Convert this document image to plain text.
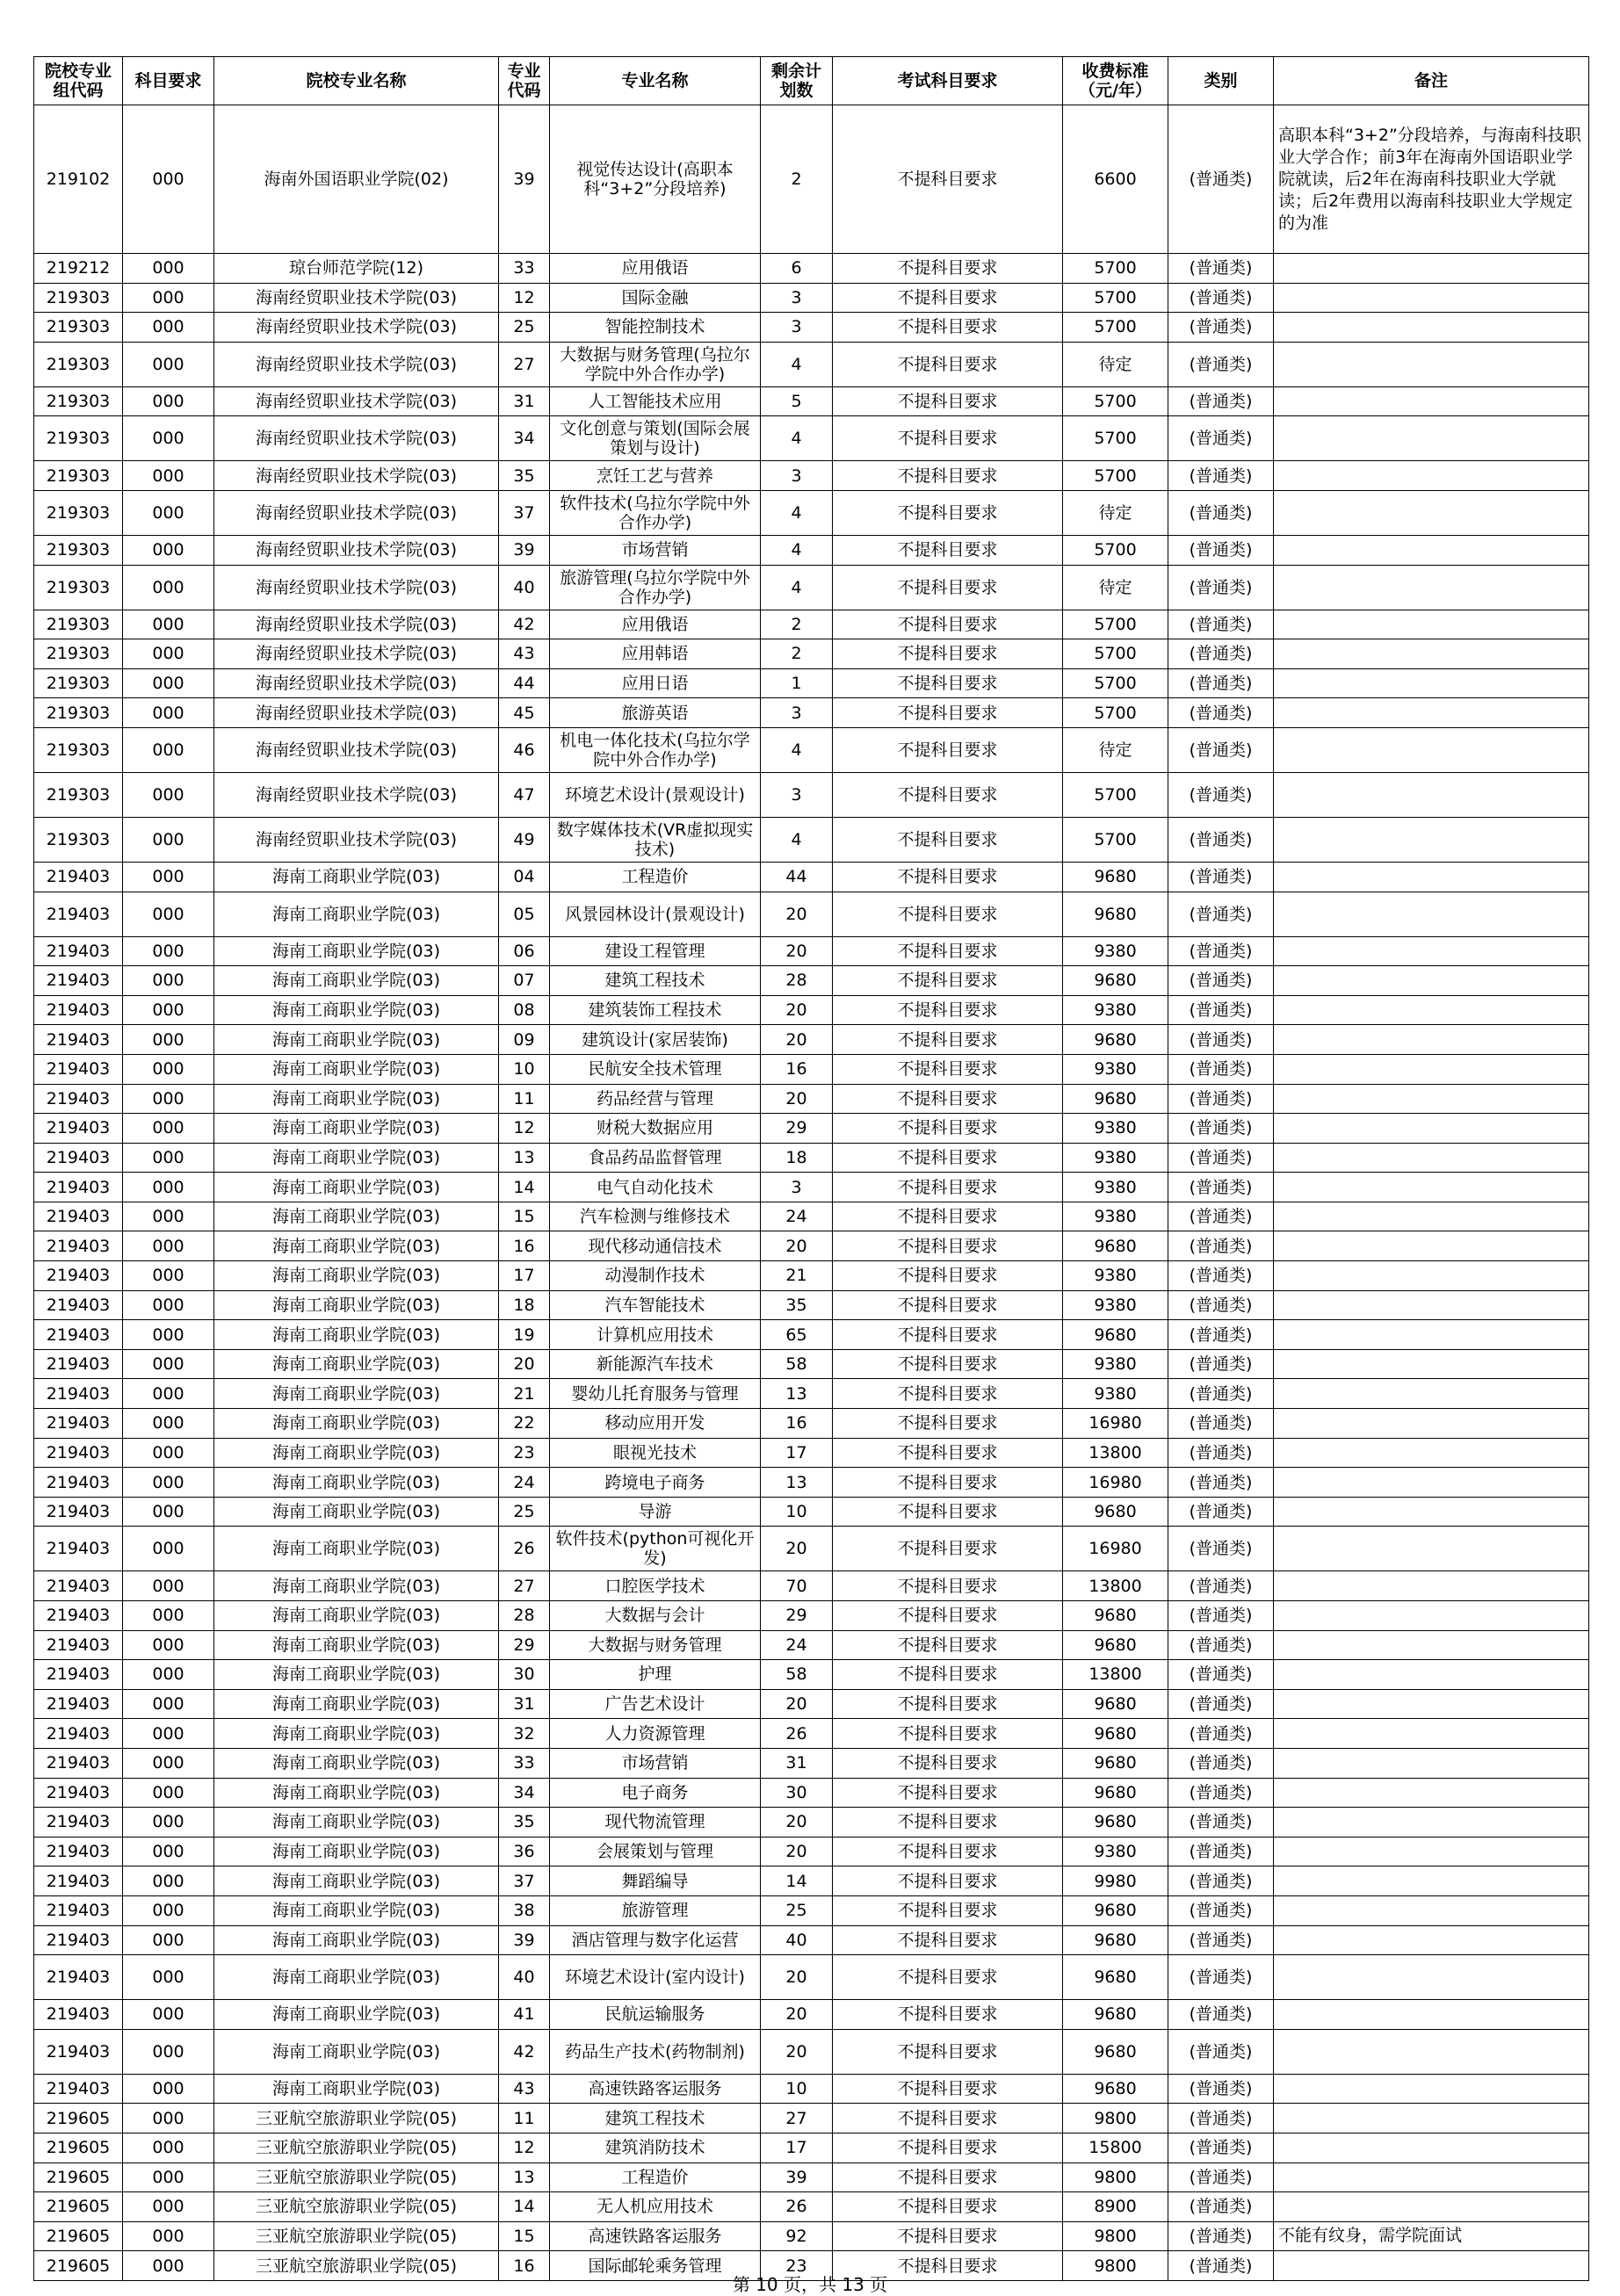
院校专业组代码	科目要求	院校专业名称	专业代码	专业名称	剩余计划数	考试科目要求	收费标准（元/年）	类别	备注
219102	000	海南外国语职业学院(02)	39	视觉传达设计(高职本科“3+2”分段培养)	2	不提科目要求	6600	(普通类)	高职本科“3+2”分段培养，与海南科技职业大学合作；前3年在海南外国语职业学院就读，后2年在海南科技职业大学就读；后2年费用以海南科技职业大学规定的为准
219212	000	琼台师范学院(12)	33	应用俄语	6	不提科目要求	5700	(普通类)	
219303	000	海南经贸职业技术学院(03)	12	国际金融	3	不提科目要求	5700	(普通类)	
219303	000	海南经贸职业技术学院(03)	25	智能控制技术	3	不提科目要求	5700	(普通类)	
219303	000	海南经贸职业技术学院(03)	27	大数据与财务管理(乌拉尔学院中外合作办学)	4	不提科目要求	待定	(普通类)	
219303	000	海南经贸职业技术学院(03)	31	人工智能技术应用	5	不提科目要求	5700	(普通类)	
219303	000	海南经贸职业技术学院(03)	34	文化创意与策划(国际会展策划与设计)	4	不提科目要求	5700	(普通类)	
219303	000	海南经贸职业技术学院(03)	35	烹饪工艺与营养	3	不提科目要求	5700	(普通类)	
219303	000	海南经贸职业技术学院(03)	37	软件技术(乌拉尔学院中外合作办学)	4	不提科目要求	待定	(普通类)	
219303	000	海南经贸职业技术学院(03)	39	市场营销	4	不提科目要求	5700	(普通类)	
219303	000	海南经贸职业技术学院(03)	40	旅游管理(乌拉尔学院中外合作办学)	4	不提科目要求	待定	(普通类)	
219303	000	海南经贸职业技术学院(03)	42	应用俄语	2	不提科目要求	5700	(普通类)	
219303	000	海南经贸职业技术学院(03)	43	应用韩语	2	不提科目要求	5700	(普通类)	
219303	000	海南经贸职业技术学院(03)	44	应用日语	1	不提科目要求	5700	(普通类)	
219303	000	海南经贸职业技术学院(03)	45	旅游英语	3	不提科目要求	5700	(普通类)	
219303	000	海南经贸职业技术学院(03)	46	机电一体化技术(乌拉尔学院中外合作办学)	4	不提科目要求	待定	(普通类)	
219303	000	海南经贸职业技术学院(03)	47	环境艺术设计(景观设计)	3	不提科目要求	5700	(普通类)	
219303	000	海南经贸职业技术学院(03)	49	数字媒体技术(VR虚拟现实技术)	4	不提科目要求	5700	(普通类)	
219403	000	海南工商职业学院(03)	04	工程造价	44	不提科目要求	9680	(普通类)	
219403	000	海南工商职业学院(03)	05	风景园林设计(景观设计)	20	不提科目要求	9680	(普通类)	
219403	000	海南工商职业学院(03)	06	建设工程管理	20	不提科目要求	9380	(普通类)	
219403	000	海南工商职业学院(03)	07	建筑工程技术	28	不提科目要求	9680	(普通类)	
219403	000	海南工商职业学院(03)	08	建筑装饰工程技术	20	不提科目要求	9380	(普通类)	
219403	000	海南工商职业学院(03)	09	建筑设计(家居装饰)	20	不提科目要求	9680	(普通类)	
219403	000	海南工商职业学院(03)	10	民航安全技术管理	16	不提科目要求	9380	(普通类)	
219403	000	海南工商职业学院(03)	11	药品经营与管理	20	不提科目要求	9680	(普通类)	
219403	000	海南工商职业学院(03)	12	财税大数据应用	29	不提科目要求	9380	(普通类)	
219403	000	海南工商职业学院(03)	13	食品药品监督管理	18	不提科目要求	9380	(普通类)	
219403	000	海南工商职业学院(03)	14	电气自动化技术	3	不提科目要求	9380	(普通类)	
219403	000	海南工商职业学院(03)	15	汽车检测与维修技术	24	不提科目要求	9380	(普通类)	
219403	000	海南工商职业学院(03)	16	现代移动通信技术	20	不提科目要求	9680	(普通类)	
219403	000	海南工商职业学院(03)	17	动漫制作技术	21	不提科目要求	9380	(普通类)	
219403	000	海南工商职业学院(03)	18	汽车智能技术	35	不提科目要求	9380	(普通类)	
219403	000	海南工商职业学院(03)	19	计算机应用技术	65	不提科目要求	9680	(普通类)	
219403	000	海南工商职业学院(03)	20	新能源汽车技术	58	不提科目要求	9380	(普通类)	
219403	000	海南工商职业学院(03)	21	婴幼儿托育服务与管理	13	不提科目要求	9380	(普通类)	
219403	000	海南工商职业学院(03)	22	移动应用开发	16	不提科目要求	16980	(普通类)	
219403	000	海南工商职业学院(03)	23	眼视光技术	17	不提科目要求	13800	(普通类)	
219403	000	海南工商职业学院(03)	24	跨境电子商务	13	不提科目要求	16980	(普通类)	
219403	000	海南工商职业学院(03)	25	导游	10	不提科目要求	9680	(普通类)	
219403	000	海南工商职业学院(03)	26	软件技术(python可视化开发)	20	不提科目要求	16980	(普通类)	
219403	000	海南工商职业学院(03)	27	口腔医学技术	70	不提科目要求	13800	(普通类)	
219403	000	海南工商职业学院(03)	28	大数据与会计	29	不提科目要求	9680	(普通类)	
219403	000	海南工商职业学院(03)	29	大数据与财务管理	24	不提科目要求	9680	(普通类)	
219403	000	海南工商职业学院(03)	30	护理	58	不提科目要求	13800	(普通类)	
219403	000	海南工商职业学院(03)	31	广告艺术设计	20	不提科目要求	9680	(普通类)	
219403	000	海南工商职业学院(03)	32	人力资源管理	26	不提科目要求	9680	(普通类)	
219403	000	海南工商职业学院(03)	33	市场营销	31	不提科目要求	9680	(普通类)	
219403	000	海南工商职业学院(03)	34	电子商务	30	不提科目要求	9680	(普通类)	
219403	000	海南工商职业学院(03)	35	现代物流管理	20	不提科目要求	9680	(普通类)	
219403	000	海南工商职业学院(03)	36	会展策划与管理	20	不提科目要求	9380	(普通类)	
219403	000	海南工商职业学院(03)	37	舞蹈编导	14	不提科目要求	9980	(普通类)	
219403	000	海南工商职业学院(03)	38	旅游管理	25	不提科目要求	9680	(普通类)	
219403	000	海南工商职业学院(03)	39	酒店管理与数字化运营	40	不提科目要求	9680	(普通类)	
219403	000	海南工商职业学院(03)	40	环境艺术设计(室内设计)	20	不提科目要求	9680	(普通类)	
219403	000	海南工商职业学院(03)	41	民航运输服务	20	不提科目要求	9680	(普通类)	
219403	000	海南工商职业学院(03)	42	药品生产技术(药物制剂)	20	不提科目要求	9680	(普通类)	
219403	000	海南工商职业学院(03)	43	高速铁路客运服务	10	不提科目要求	9680	(普通类)	
219605	000	三亚航空旅游职业学院(05)	11	建筑工程技术	27	不提科目要求	9800	(普通类)	
219605	000	三亚航空旅游职业学院(05)	12	建筑消防技术	17	不提科目要求	15800	(普通类)	
219605	000	三亚航空旅游职业学院(05)	13	工程造价	39	不提科目要求	9800	(普通类)	
219605	000	三亚航空旅游职业学院(05)	14	无人机应用技术	26	不提科目要求	8900	(普通类)	
219605	000	三亚航空旅游职业学院(05)	15	高速铁路客运服务	92	不提科目要求	9800	(普通类)	不能有纹身，需学院面试
219605	000	三亚航空旅游职业学院(05)	16	国际邮轮乘务管理	23	不提科目要求	9800	(普通类)	
第 10 页，共 13 页
